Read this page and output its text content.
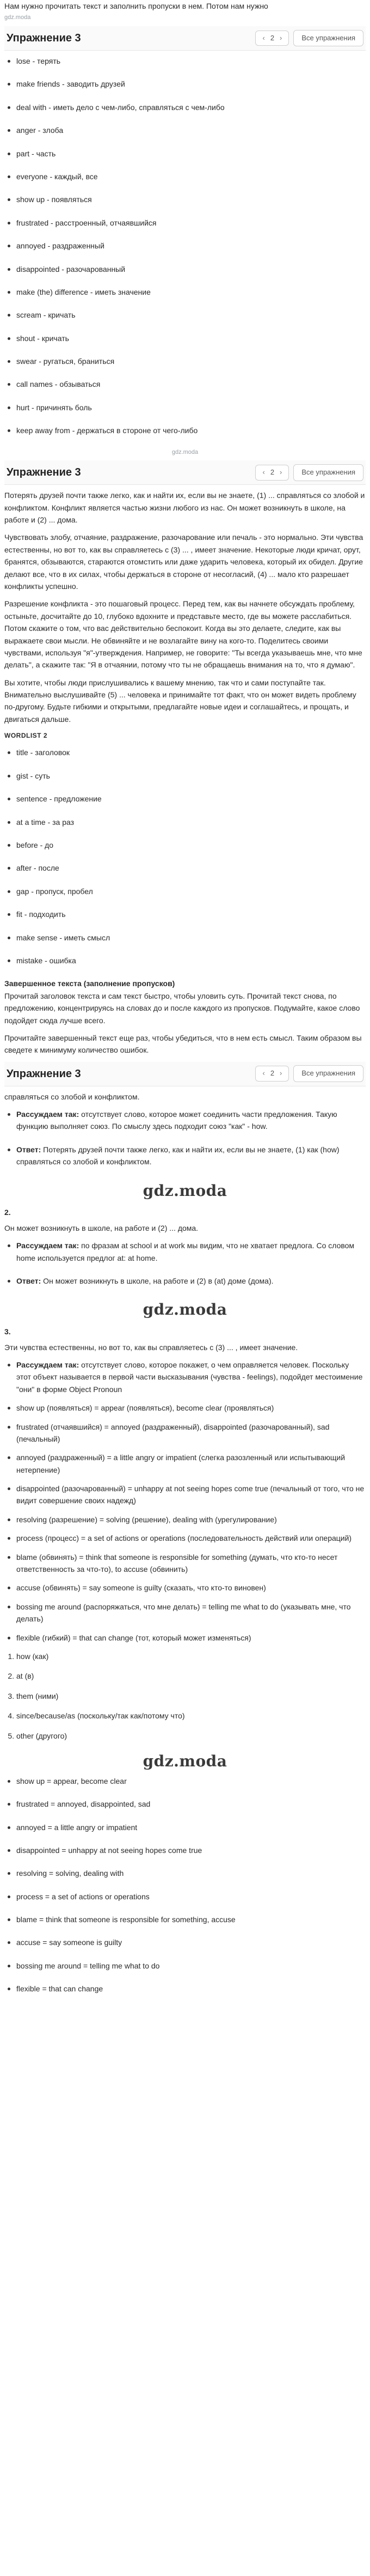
Нам нужно прочитать текст и заполнить пропуски в нем. Потом нам нужно

gdz.moda
Упражнение 3	‹ 2 ›	Все упражнения
lose - терять
make friends - заводить друзей
deal with - иметь дело с чем-либо, справляться с чем-либо
anger - злоба
part - часть
everyone - каждый, все
show up - появляться
frustrated - расстроенный, отчаявшийся
annoyed - раздраженный
disappointed - разочарованный
make (the) difference - иметь значение
scream - кричать
shout - кричать
swear - ругаться, браниться
call names - обзываться
hurt - причинять боль
keep away from - держаться в стороне от чего-либо
gdz.moda
Упражнение 3	‹ 2 ›	Все упражнения

Потерять друзей почти также легко, как и найти их, если вы не знаете, (1) ... справляться со злобой и конфликтом. Конфликт является частью жизни любого из нас. Он может возникнуть в школе, на работе и (2) ... дома.

Чувствовать злобу, отчаяние, раздражение, разочарование или печаль - это нормально. Эти чувства естественны, но вот то, как вы справляетесь с (3) ... , имеет значение. Некоторые люди кричат, орут, бранятся, обзываются, стараются отомстить или даже ударить человека, который их обидел. Другие делают все, что в их силах, чтобы держаться в стороне от несогласий, (4) ... мало кто разрешает конфликты успешно.

Разрешение конфликта - это пошаговый процесс. Перед тем, как вы начнете обсуждать проблему, остыньте, досчитайте до 10, глубоко вдохните и представьте место, где вы можете расслабиться. Потом скажите о том, что вас действительно беспокоит. Когда вы это делаете, следите, как вы выражаете свои мысли. Не обвиняйте и не возлагайте вину на кого-то. Поделитесь своими чувствами, используя "я"-утверждения. Например, не говорите: "Ты всегда указываешь мне, что мне делать", а скажите так: "Я в отчаянии, потому что ты не обращаешь внимания на то, что я думаю".

Вы хотите, чтобы люди прислушивались к вашему мнению, так что и сами поступайте так. Внимательно выслушивайте (5) ... человека и принимайте тот факт, что он может видеть проблему по-другому. Будьте гибкими и открытыми, предлагайте новые идеи и соглашайтесь, и прощать, и двигаться дальше.

WORDLIST 2
title - заголовок
gist - суть
sentence - предложение
at a time - за раз
before - до
after - после
gap - пропуск, пробел
fit - подходить
make sense - иметь смысл
mistake - ошибка
Завершенное текста (заполнение пропусков)

Прочитай заголовок текста и сам текст быстро, чтобы уловить суть. Прочитай текст снова, по предложению, концентрируясь на словах до и после каждого из пропусков. Подумайте, какое слово подойдет сюда лучше всего.

Прочитайте завершенный текст еще раз, чтобы убедиться, что в нем есть смысл. Таким образом вы сведете к минимуму количество ошибок.

Упражнение 3	‹ 2 ›	Все упражнения

справляться со злобой и конфликтом.

Рассуждаем так: отсутствует слово, которое может соединить части предложения. Такую функцию выполняет союз. По смыслу здесь подходит союз "как" - how.
Ответ: Потерять друзей почти также легко, как и найти их, если вы не знаете, (1) как (how) справляться со злобой и конфликтом.
gdz.moda
2.

Он может возникнуть в школе, на работе и (2) ... дома.

Рассуждаем так: по фразам at school и at work мы видим, что не хватает предлога. Со словом home используется предлог at: at home.
Ответ: Он может возникнуть в школе, на работе и (2) в (at) доме (дома).
gdz.moda
3.

Эти чувства естественны, но вот то, как вы справляетесь с (3) ... , имеет значение.

Рассуждаем так: отсутствует слово, которое покажет, о чем оправляется человек. Поскольку этот объект называется в первой части высказывания (чувства - feelings), подойдет местоимение "они" в форме Object Pronoun
show up (появляться) = appear (появляться), become clear (проявляться)
frustrated (отчаявшийся) = annoyed (раздраженный), disappointed (разочарованный), sad (печальный)
annoyed (раздраженный) = a little angry or impatient (слегка разозленный или испытывающий нетерпение)
disappointed (разочарованный) = unhappy at not seeing hopes come true (печальный от того, что не видит совершение своих надежд)
resolving (разрешение) = solving (решение), dealing with (урегулирование)
process (процесс) = a set of actions or operations (последовательность действий или операций)
blame (обвинять) = think that someone is responsible for something (думать, что кто-то несет ответственность за что-то), to accuse (обвинить)
accuse (обвинять) = say someone is guilty (сказать, что кто-то виновен)
bossing me around (распоряжаться, что мне делать) = telling me what to do (указывать мне, что делать)
flexible (гибкий) = that can change (тот, который может изменяться)
1. how (как)
2. at (в)
3. them (ними)
4. since/because/as (поскольку/так как/потому что)
5. other (другого)
gdz.moda
show up = appear, become clear
frustrated = annoyed, disappointed, sad
annoyed = a little angry or impatient
disappointed = unhappy at not seeing hopes come true
resolving = solving, dealing with
process = a set of actions or operations
blame = think that someone is responsible for something, accuse
accuse = say someone is guilty
bossing me around = telling me what to do
flexible = that can change
